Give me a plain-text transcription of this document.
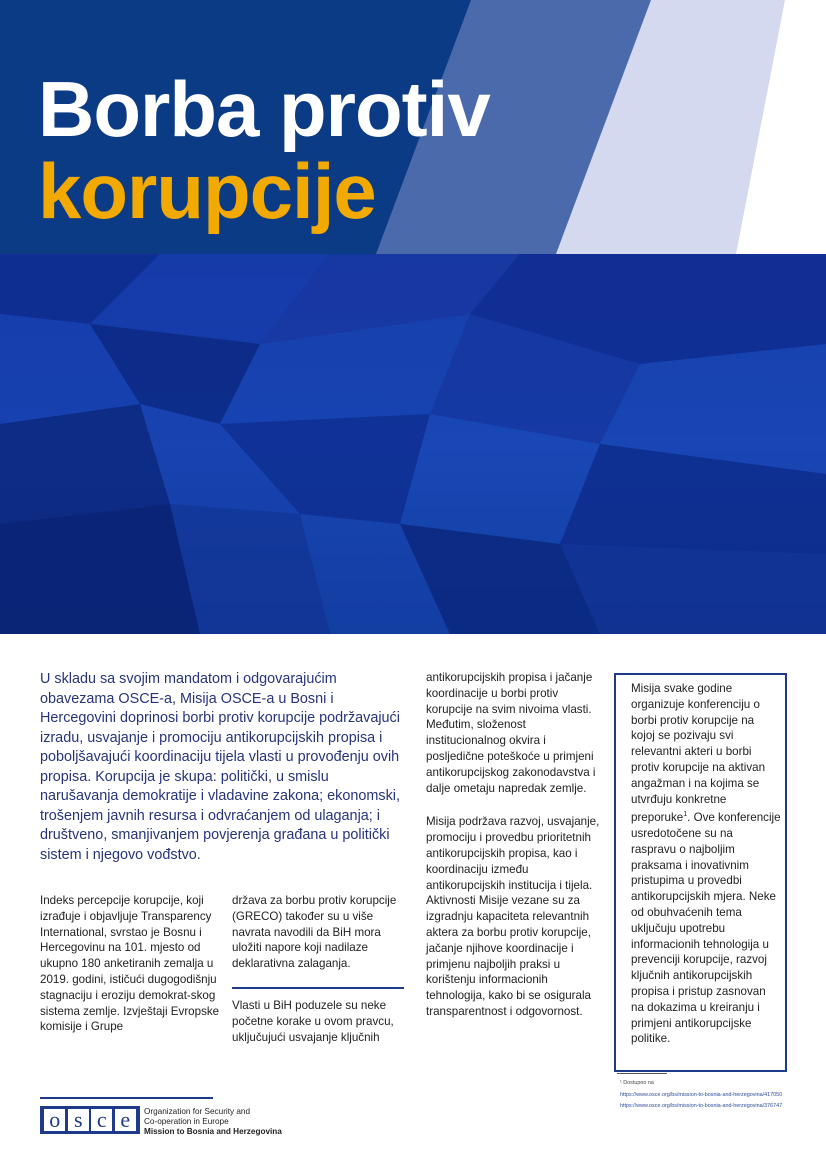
Borba protiv
korupcije
U skladu sa svojim mandatom i odgovarajućim obavezama OSCE-a, Misija OSCE-a u Bosni i Hercegovini doprinosi borbi protiv korupcije podržavajući izradu, usvajanje i promociju antikorupcijskih propisa i poboljšavajući koordinaciju tijela vlasti u provođenju ovih propisa. Korupcija je skupa: politički, u smislu narušavanja demokratije i vladavine zakona; ekonomski, trošenjem javnih resursa i odvraćanjem od ulaganja; i društveno, smanjivanjem povjerenja građana u politički sistem i njegovo vođstvo.

Indeks percepcije korupcije, koji izrađuje i objavljuje Transparency International, svrstao je Bosnu i Hercegovinu na 101. mjesto od ukupno 180 anketiranih zemalja u 2019. godini, ističući dugogodišnju stagnaciju i eroziju demokrat-skog sistema zemlje. Izvještaji Evropske komisije i Grupe

država za borbu protiv korupcije (GRECO) također su u više navrata navodili da BiH mora uložiti napore koji nadilaze deklarativna zalaganja.

Vlasti u BiH poduzele su neke početne korake u ovom pravcu, uključujući usvajanje ključnih

antikorupcijskih propisa i jačanje koordinacije u borbi protiv korupcije na svim nivoima vlasti. Međutim, složenost institucionalnog okvira i posljedične poteškoće u primjeni antikorupcijskog zakonodavstva i dalje ometaju napredak zemlje.

Misija podržava razvoj, usvajanje, promociju i provedbu prioritetnih antikorupcijskih propisa, kao i koordinaciju između antikorupcijskih institucija i tijela. Aktivnosti Misije vezane su za izgradnju kapaciteta relevantnih aktera za borbu protiv korupcije, jačanje njihove koordinacije i primjenu najboljih praksi u korištenju informacionih tehnologija, kako bi se osigurala transparentnost i odgovornost.

Misija svake godine organizuje konferenciju o borbi protiv korupcije na kojoj se pozivaju svi relevantni akteri u borbi protiv korupcije na aktivan angažman i na kojima se utvrđuju konkretne preporuke$^1$. Ove konferencije usredotočene su na raspravu o najboljim praksama i inovativnim pristupima u provedbi antikorupcijskih mjera. Neke od obuhvaćenih tema uključuju upotrebu informacionih tehnologija u prevenciji korupcije, razvoj ključnih antikorupcijskih propisa i pristup zasnovan na dokazima u kreiranju i primjeni antikorupcijske politike.

¹ Dostupno na
https://www.osce.org/bs/mission-to-bosnia-and-herzegovina/417050
https://www.osce.org/bs/mission-to-bosnia-and-herzegovina/376747
o s c e	Organization for Security and
Co-operation in Europe
Mission to Bosnia and Herzegovina
